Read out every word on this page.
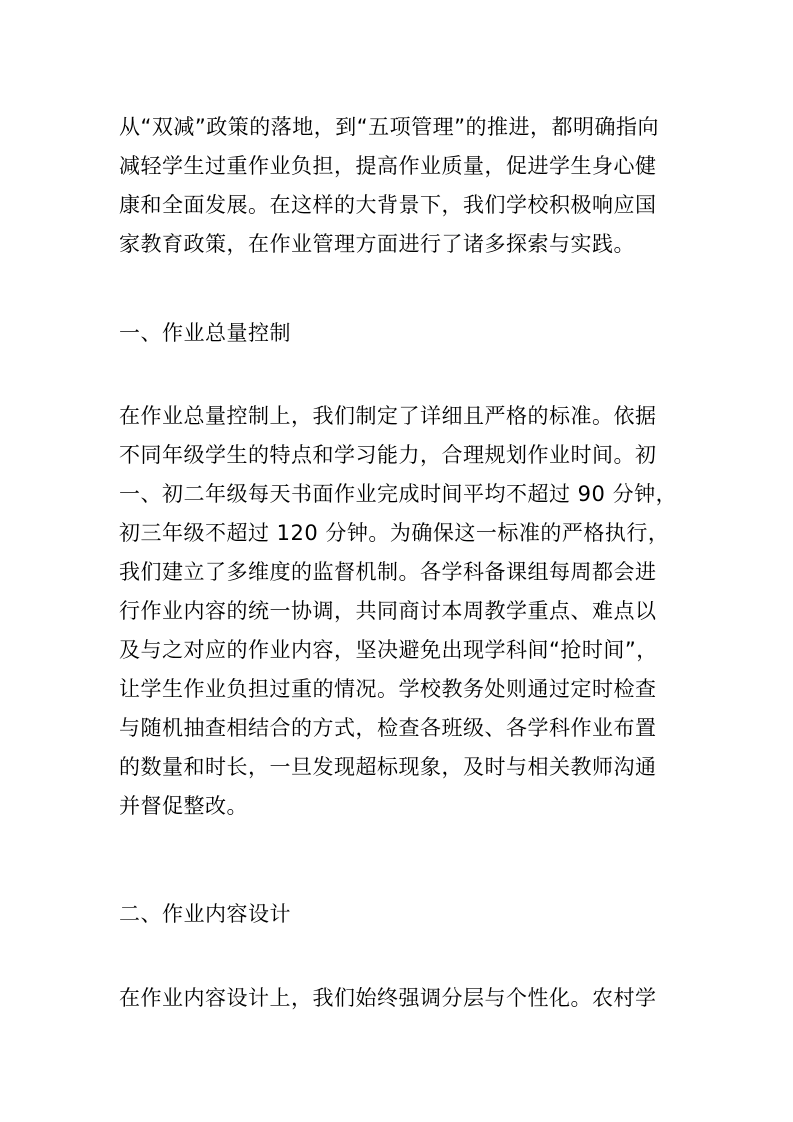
从“双减”政策的落地，到“五项管理”的推进，都明确指向

减轻学生过重作业负担，提高作业质量，促进学生身心健

康和全面发展。在这样的大背景下，我们学校积极响应国

家教育政策，在作业管理方面进行了诸多探索与实践。

一、作业总量控制

在作业总量控制上，我们制定了详细且严格的标准。依据

不同年级学生的特点和学习能力，合理规划作业时间。初

一、初二年级每天书面作业完成时间平均不超过 90 分钟，

初三年级不超过 120 分钟。为确保这一标准的严格执行，

我们建立了多维度的监督机制。各学科备课组每周都会进

行作业内容的统一协调，共同商讨本周教学重点、难点以

及与之对应的作业内容，坚决避免出现学科间“抢时间”，

让学生作业负担过重的情况。学校教务处则通过定时检查

与随机抽查相结合的方式，检查各班级、各学科作业布置

的数量和时长，一旦发现超标现象，及时与相关教师沟通

并督促整改。

二、作业内容设计

在作业内容设计上，我们始终强调分层与个性化。农村学
